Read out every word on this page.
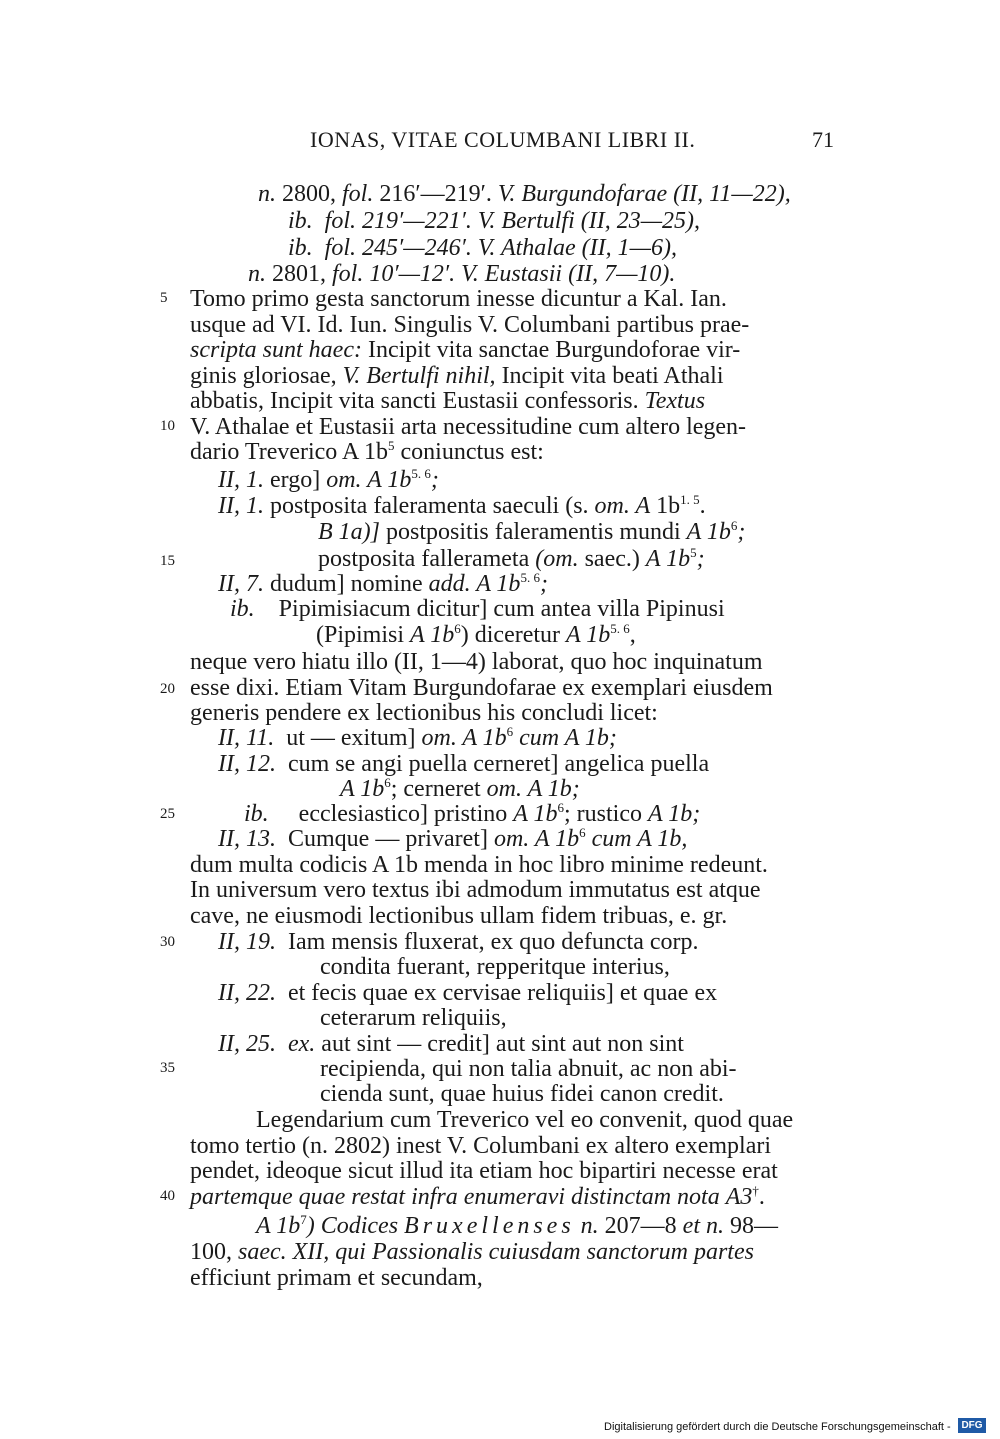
IONAS, VITAE COLUMBANI LIBRI II.	71
5
10
15
20
25
30
35
40
n. 2800, fol. 216′—219′. V. Burgundofarae (II, 11—22),
ib. fol. 219′—221′. V. Bertulfi (II, 23—25),
ib. fol. 245′—246′. V. Athalae (II, 1—6),
n. 2801, fol. 10′—12′. V. Eustasii (II, 7—10).
Tomo primo gesta sanctorum inesse dicuntur a Kal. Ian.
usque ad VI. Id. Iun. Singulis V. Columbani partibus prae-
scripta sunt haec: Incipit vita sanctae Burgundoforae vir-
ginis gloriosae, V. Bertulfi nihil, Incipit vita beati Athali
abbatis, Incipit vita sancti Eustasii confessoris. Textus
V. Athalae et Eustasii arta necessitudine cum altero legen-
dario Treverico A $1b^5$ coniunctus est:
II, 1. ergo] om. A $1b^{5. 6}$;
II, 1. postposita faleramenta saeculi (s. om. A $1b^{1. 5}$.
B 1a)] postpositis faleramentis mundi A $1b^6$;
postposita fallerameta (om. saec.) A $1b^5$;
II, 7. dudum] nomine add. A $1b^{5. 6}$;
ib. Pipimisiacum dicitur] cum antea villa Pipinusi
(Pipimisi A $1b^6$) diceretur A $1b^{5. 6}$,
neque vero hiatu illo (II, 1—4) laborat, quo hoc inquinatum
esse dixi. Etiam Vitam Burgundofarae ex exemplari eiusdem
generis pendere ex lectionibus his concludi licet:
II, 11. ut — exitum] om. A $1b^6$ cum A 1b;
II, 12. cum se angi puella cerneret] angelica puella
A $1b^6$; cerneret om. A 1b;
ib. ecclesiastico] pristino A $1b^6$; rustico A 1b;
II, 13. Cumque — privaret] om. A $1b^6$ cum A 1b,
dum multa codicis A 1b menda in hoc libro minime redeunt.
In universum vero textus ibi admodum immutatus est atque
cave, ne eiusmodi lectionibus ullam fidem tribuas, e. gr.
II, 19. Iam mensis fluxerat, ex quo defuncta corp.
condita fuerant, repperitque interius,
II, 22. et fecis quae ex cervisae reliquiis] et quae ex
ceterarum reliquiis,
II, 25. ex. aut sint — credit] aut sint aut non sint
recipienda, qui non talia abnuit, ac non abi-
cienda sunt, quae huius fidei canon credit.
Legendarium cum Treverico vel eo convenit, quod quae
tomo tertio (n. 2802) inest V. Columbani ex altero exemplari
pendet, ideoque sicut illud ita etiam hoc bipartiri necesse erat
partemque quae restat infra enumeravi distinctam nota A3†.
A $1b^7$) Codices Bruxellenses n. 207—8 et n. 98—
100, saec. XII, qui Passionalis cuiusdam sanctorum partes
efficiunt primam et secundam,
Digitalisierung gefördert durch die Deutsche Forschungsgemeinschaft -	DFG
